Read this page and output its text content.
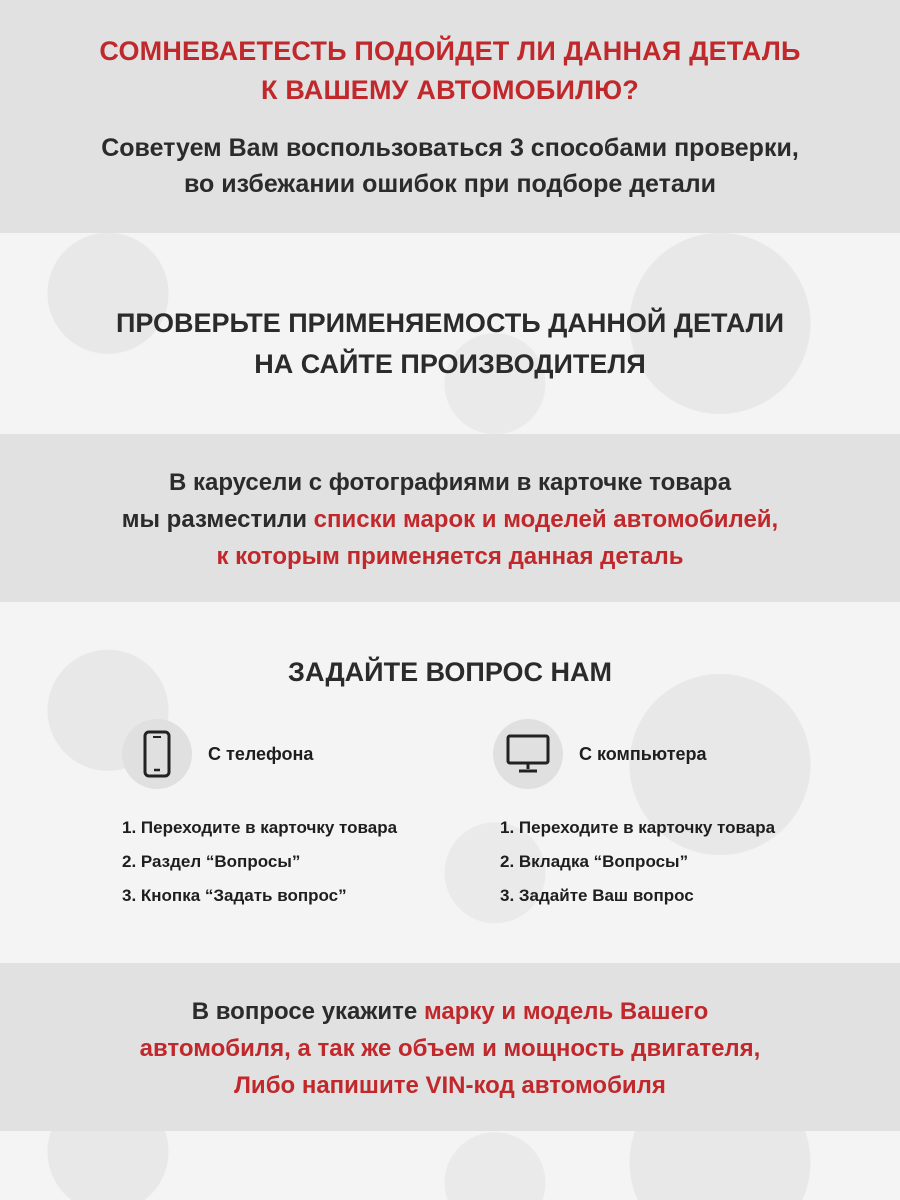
СОМНЕВАЕТЕСТЬ ПОДОЙДЕТ ЛИ ДАННАЯ ДЕТАЛЬ
К ВАШЕМУ АВТОМОБИЛЮ?
Советуем Вам воспользоваться 3 способами проверки,
во избежании ошибок при подборе детали
ПРОВЕРЬТЕ ПРИМЕНЯЕМОСТЬ ДАННОЙ ДЕТАЛИ
НА САЙТЕ ПРОИЗВОДИТЕЛЯ
В карусели с фотографиями в карточке товара
мы разместили списки марок и моделей автомобилей,
к которым применяется данная деталь
ЗАДАЙТЕ ВОПРОС НАМ
С телефона
1. Переходите в карточку товара
2. Раздел “Вопросы”
3. Кнопка “Задать вопрос”
С компьютера
1. Переходите в карточку товара
2. Вкладка “Вопросы”
3. Задайте Ваш вопрос
В вопросе укажите марку и модель Вашего
автомобиля, а так же объем и мощность двигателя,
Либо напишите VIN-код автомобиля
